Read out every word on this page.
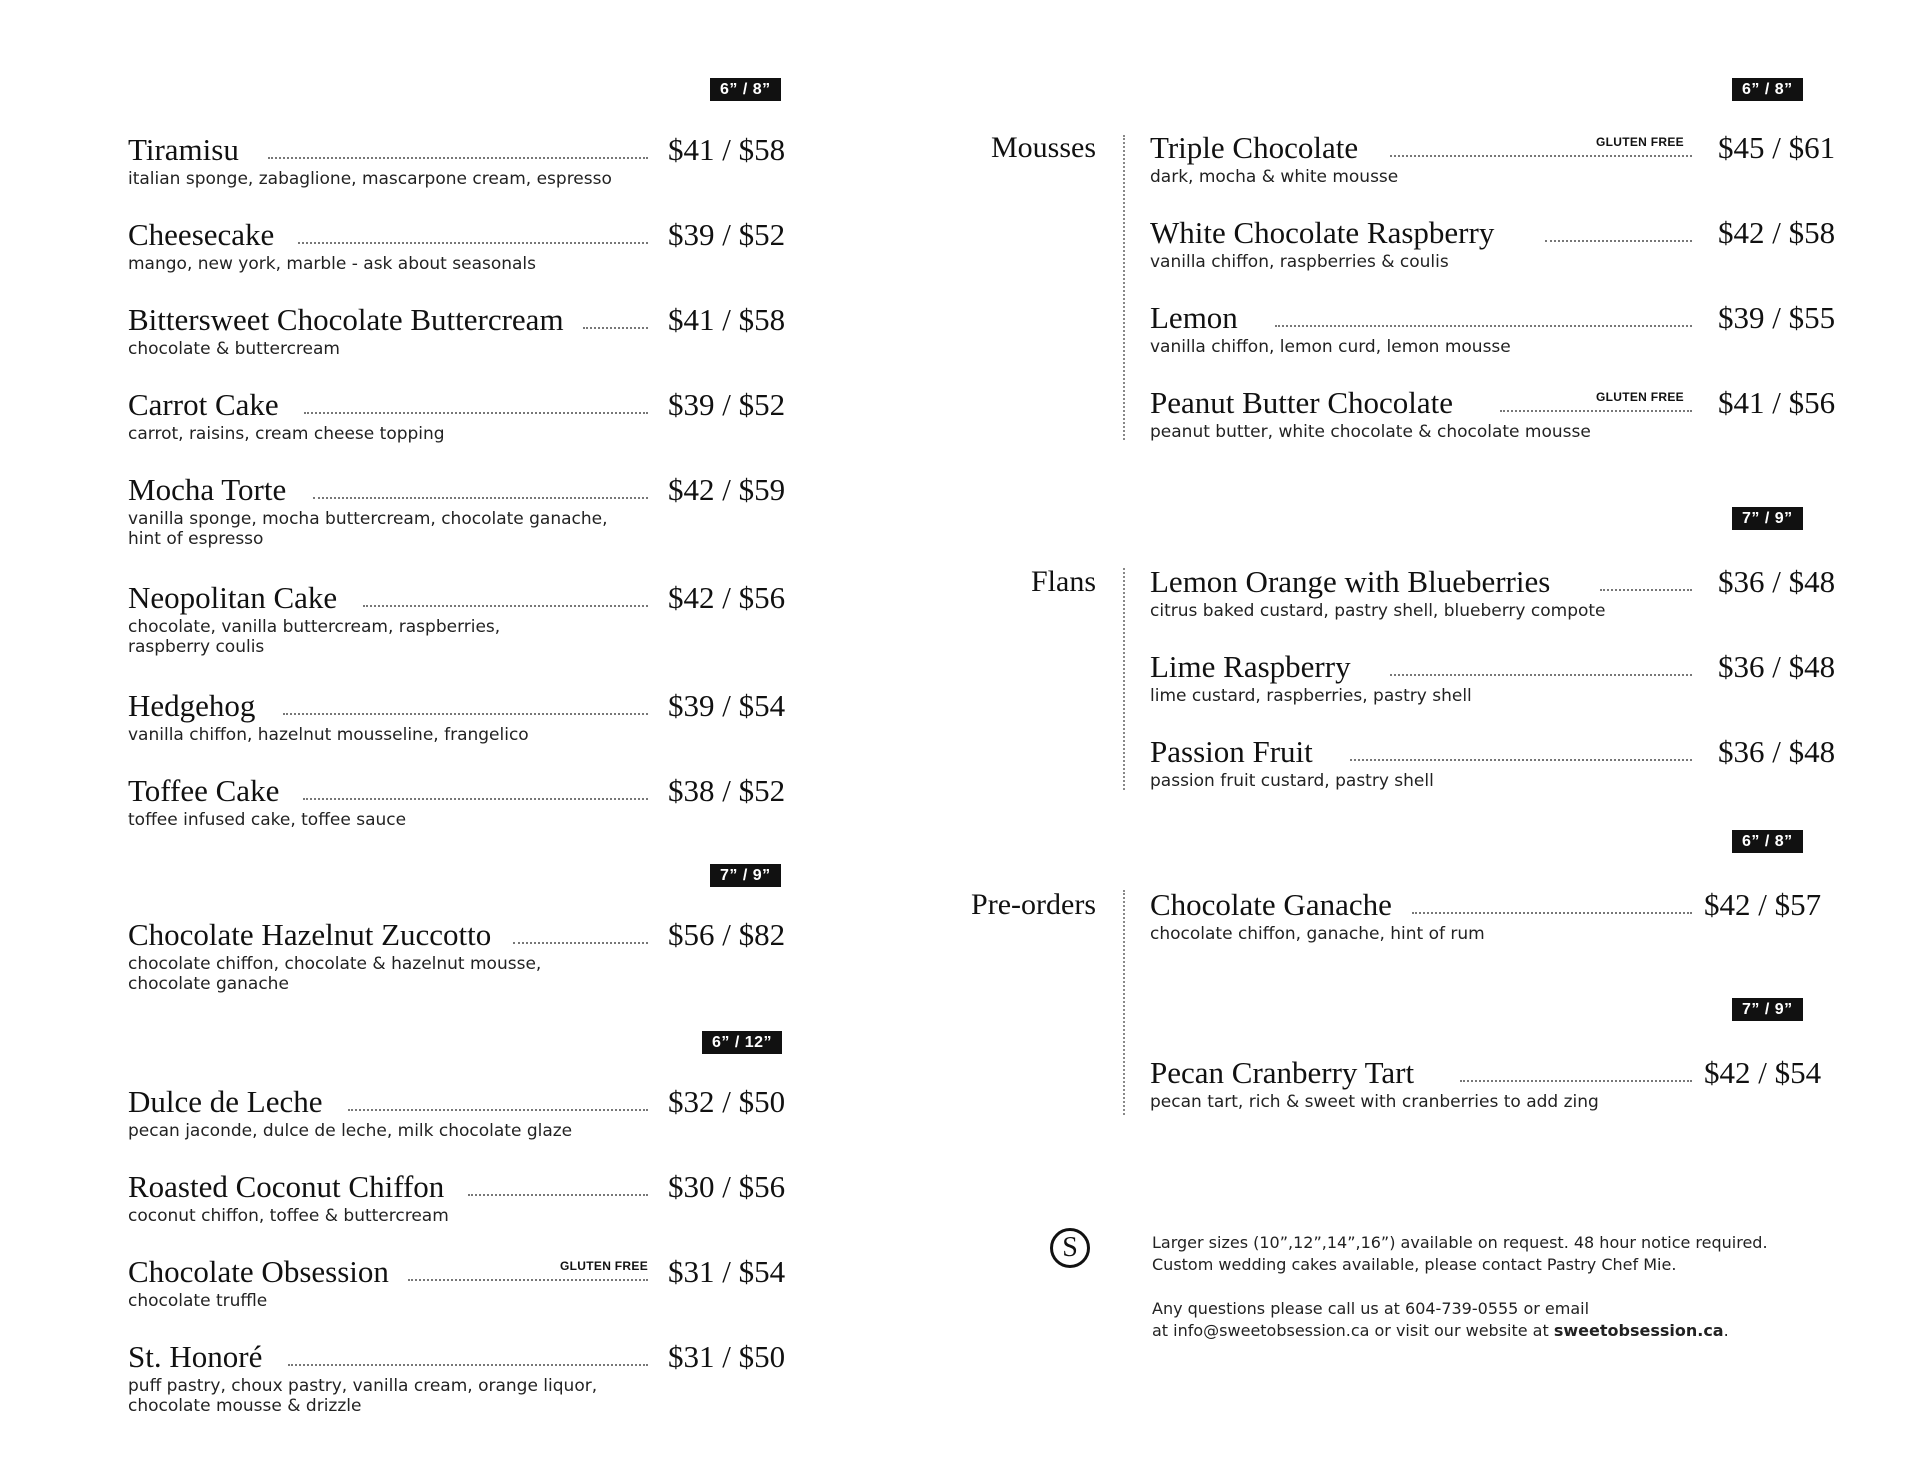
6” / 8”
Tiramisu	$41 / $58
italian sponge, zabaglione, mascarpone cream, espresso
Cheesecake	$39 / $52
mango, new york, marble - ask about seasonals
Bittersweet Chocolate Buttercream	$41 / $58
chocolate & buttercream
Carrot Cake	$39 / $52
carrot, raisins, cream cheese topping
Mocha Torte	$42 / $59
vanilla sponge, mocha buttercream, chocolate ganache,
hint of espresso
Neopolitan Cake	$42 / $56
chocolate, vanilla buttercream, raspberries,
raspberry coulis
Hedgehog	$39 / $54
vanilla chiffon, hazelnut mousseline, frangelico
Toffee Cake	$38 / $52
toffee infused cake, toffee sauce
7” / 9”
Chocolate Hazelnut Zuccotto	$56 / $82
chocolate chiffon, chocolate & hazelnut mousse,
chocolate ganache
6” / 12”
Dulce de Leche	$32 / $50
pecan jaconde, dulce de leche, milk chocolate glaze
Roasted Coconut Chiffon	$30 / $56
coconut chiffon, toffee & buttercream
Chocolate Obsession	GLUTEN FREE $31 / $54
chocolate truffle
St. Honoré	$31 / $50
puff pastry, choux pastry, vanilla cream, orange liquor,
chocolate mousse & drizzle
6” / 8”
Mousses Triple Chocolate	GLUTEN FREE $45 / $61
dark, mocha & white mousse
White Chocolate Raspberry	$42 / $58
vanilla chiffon, raspberries & coulis
Lemon	$39 / $55
vanilla chiffon, lemon curd, lemon mousse
Peanut Butter Chocolate	GLUTEN FREE $41 / $56
peanut butter, white chocolate & chocolate mousse
7” / 9”
Flans Lemon Orange with Blueberries	$36 / $48
citrus baked custard, pastry shell, blueberry compote
Lime Raspberry	$36 / $48
lime custard, raspberries, pastry shell
Passion Fruit	$36 / $48
passion fruit custard, pastry shell
6” / 8”
Pre-orders Chocolate Ganache	$42 / $57
chocolate chiffon, ganache, hint of rum
7” / 9”
Pecan Cranberry Tart	$42 / $54
pecan tart, rich & sweet with cranberries to add zing
S	Larger sizes (10”,12”,14”,16”) available on request. 48 hour notice required.

Custom wedding cakes available, please contact Pastry Chef Mie.

Any questions please call us at 604-739-0555 or email

at info@sweetobsession.ca or visit our website at sweetobsession.ca.
